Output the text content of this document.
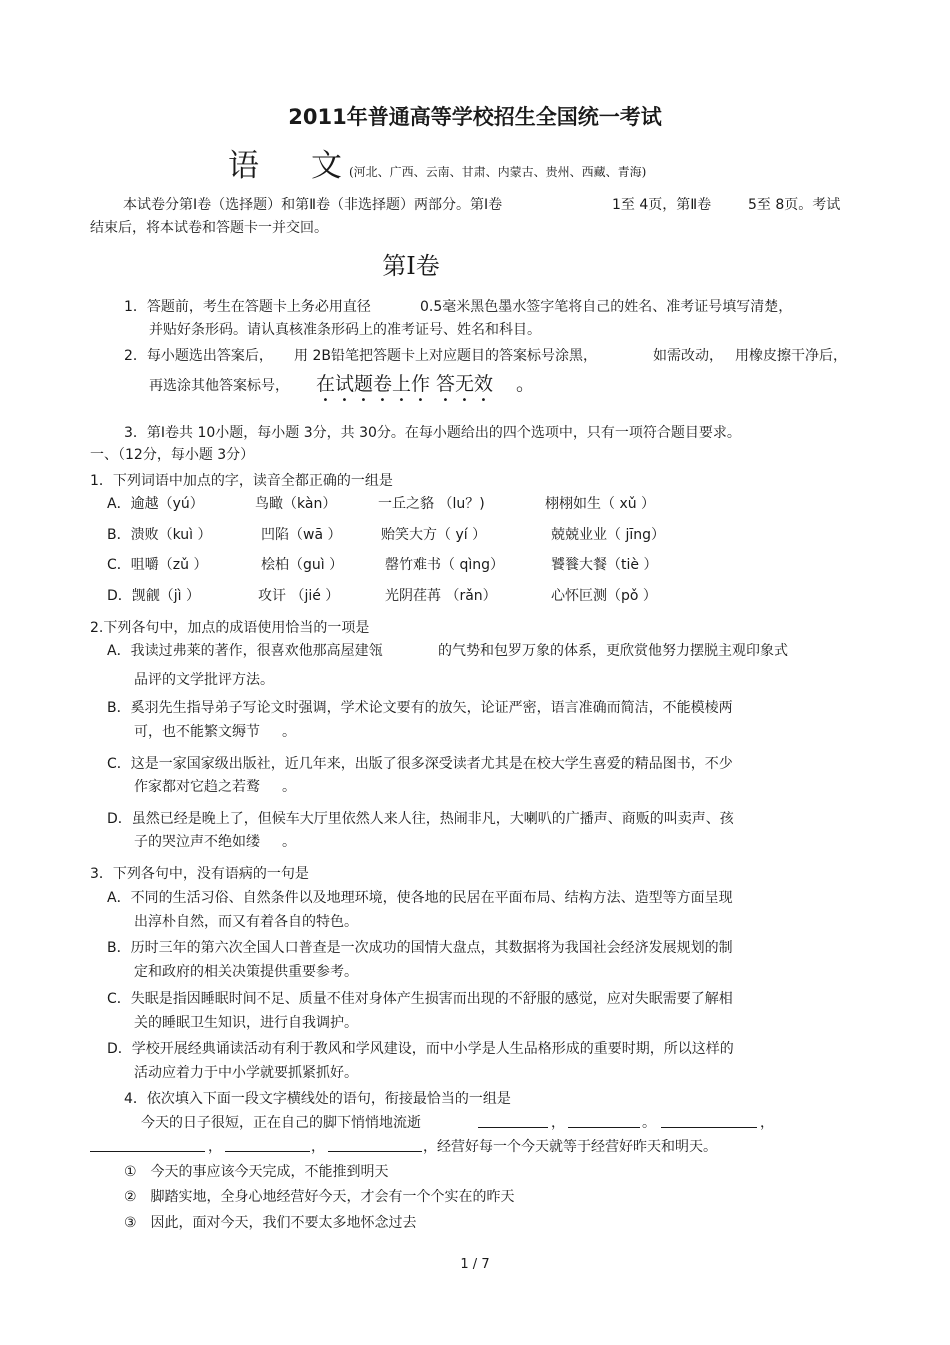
2011年普通高等学校招生全国统一考试
语 文 (河北、广西、云南、甘肃、内蒙古、贵州、西藏、青海)
本试卷分第Ⅰ卷（选择题）和第Ⅱ卷（非选择题）两部分。第Ⅰ卷	1至 4页，第Ⅱ卷	5至 8页。考试
结束后，将本试卷和答题卡一并交回。
第Ⅰ卷
1．答题前，考生在答题卡上务必用直径	0.5毫米黑色墨水签字笔将自己的姓名、准考证号填写清楚，
并贴好条形码。请认真核准条形码上的准考证号、姓名和科目。
2．每小题选出答案后， 用 2B铅笔把答题卡上对应题目的答案标号涂黑，	如需改动， 用橡皮擦干净后，
再选涂其他答案标号， 在试题卷上作 答无效 。
3．第Ⅰ卷共 10小题，每小题 3分，共 30分。在每小题给出的四个选项中，只有一项符合题目要求。
一、（12分，每小题 3分）
1．下列词语中加点的字，读音全都正确的一组是
A．逾越（yú）	鸟瞰（kàn）	一丘之貉 （lu？)	栩栩如生（ xǔ ）
B．溃败（kuì ）	凹陷（wā ）	贻笑大方（ yí ）	兢兢业业（ jīng）
C．咀嚼（zǔ ）	桧柏（guì ）	罄竹难书（ qìng）	饕餮大餐（tiè ）
D．觊觎（jì ）	攻讦 （jié ）	光阴荏苒 （rǎn）	心怀叵测（pǒ ）
2.下列各句中，加点的成语使用恰当的一项是
A．我读过弗莱的著作，很喜欢他那高屋建瓴	的气势和包罗万象的体系，更欣赏他努力摆脱主观印象式
品评的文学批评方法。
B．奚羽先生指导弟子写论文时强调，学术论文要有的放矢，论证严密，语言准确而简洁，不能模棱两
可，也不能繁文缛节 。
C．这是一家国家级出版社，近几年来，出版了很多深受读者尤其是在校大学生喜爱的精品图书，不少
作家都对它趋之若鹜 。
D．虽然已经是晚上了，但候车大厅里依然人来人往，热闹非凡，大喇叭的广播声、商贩的叫卖声、孩
子的哭泣声不绝如缕 。
3．下列各句中，没有语病的一句是
A．不同的生活习俗、自然条件以及地理环境，使各地的民居在平面布局、结构方法、造型等方面呈现
出淳朴自然，而又有着各自的特色。
B．历时三年的第六次全国人口普查是一次成功的国情大盘点，其数据将为我国社会经济发展规划的制
定和政府的相关决策提供重要参考。
C．失眠是指因睡眠时间不足、质量不佳对身体产生损害而出现的不舒服的感觉，应对失眠需要了解相
关的睡眠卫生知识，进行自我调护。
D．学校开展经典诵读活动有利于教风和学风建设，而中小学是人生品格形成的重要时期，所以这样的
活动应着力于中小学就要抓紧抓好。
4．依次填入下面一段文字横线处的语句，衔接最恰当的一组是
今天的日子很短，正在自己的脚下悄悄地流逝	，	。	，
，	，	，经营好每一个今天就等于经营好昨天和明天。
①　今天的事应该今天完成，不能推到明天
②　脚踏实地，全身心地经营好今天，才会有一个个实在的昨天
③　因此，面对今天，我们不要太多地怀念过去
1 / 7
